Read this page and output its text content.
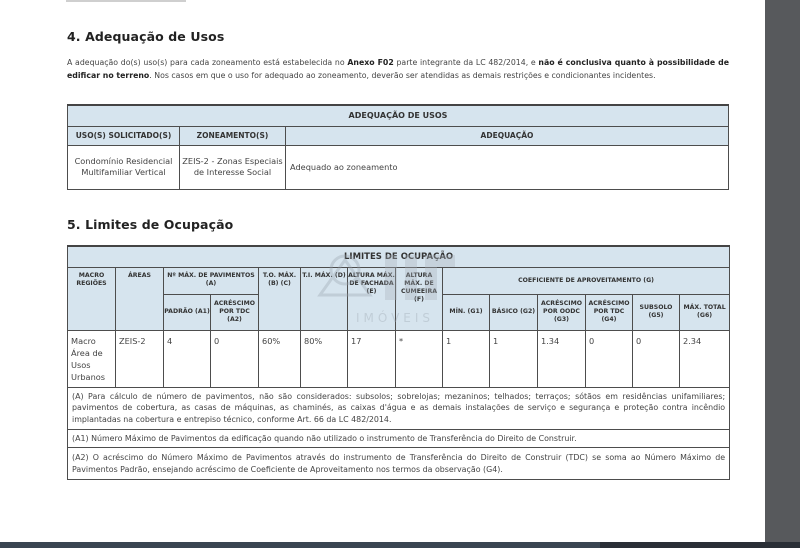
4. Adequação de Usos

A adequação do(s) uso(s) para cada zoneamento está estabelecida no Anexo F02 parte integrante da LC 482/2014, e não é conclusiva quanto à possibilidade de edificar no terreno. Nos casos em que o uso for adequado ao zoneamento, deverão ser atendidas as demais restrições e condicionantes incidentes.

ADEQUAÇÃO DE USOS		
USO(S) SOLICITADO(S)	ZONEAMENTO(S)	ADEQUAÇÃO
Condomínio Residencial Multifamiliar Vertical	ZEIS-2 - Zonas Especiais de Interesse Social	Adequado ao zoneamento
5. Limites de Ocupação
LIMITES DE OCUPAÇÃO													
MACRO REGIÕES	ÁREAS	Nº MÁX. DE PAVIMENTOS (A)		T.O. MÁX. (B) (C)	T.I. MÁX. (D)	ALTURA MÁX. DE FACHADA (E)	ALTURA MÁX. DE CUMEEIRA (F)	COEFICIENTE DE APROVEITAMENTO (G)					
		PADRÃO (A1)	ACRÉSCIMO POR TDC (A2)					MÍN. (G1)	BÁSICO (G2)	ACRÉSCIMO POR OODC (G3)	ACRÉSCIMO POR TDC (G4)	SUBSOLO (G5)	MÁX. TOTAL (G6)
Macro Área de Usos Urbanos	ZEIS-2	4	0	60%	80%	17	*	1	1	1.34	0	0	2.34
(A) Para cálculo de número de pavimentos, não são considerados: subsolos; sobrelojas; mezaninos; telhados; terraços; sótãos em residências unifamiliares; pavimentos de cobertura, as casas de máquinas, as chaminés, as caixas d'água e as demais instalações de serviço e segurança e proteção contra incêndio implantadas na cobertura e entrepiso técnico, conforme Art. 66 da LC 482/2014.													
(A1) Número Máximo de Pavimentos da edificação quando não utilizado o instrumento de Transferência do Direito de Construir.													
(A2) O acréscimo do Número Máximo de Pavimentos através do instrumento de Transferência do Direito de Construir (TDC) se soma ao Número Máximo de Pavimentos Padrão, ensejando acréscimo de Coeficiente de Aproveitamento nos termos da observação (G4).													
IMÓVEIS
